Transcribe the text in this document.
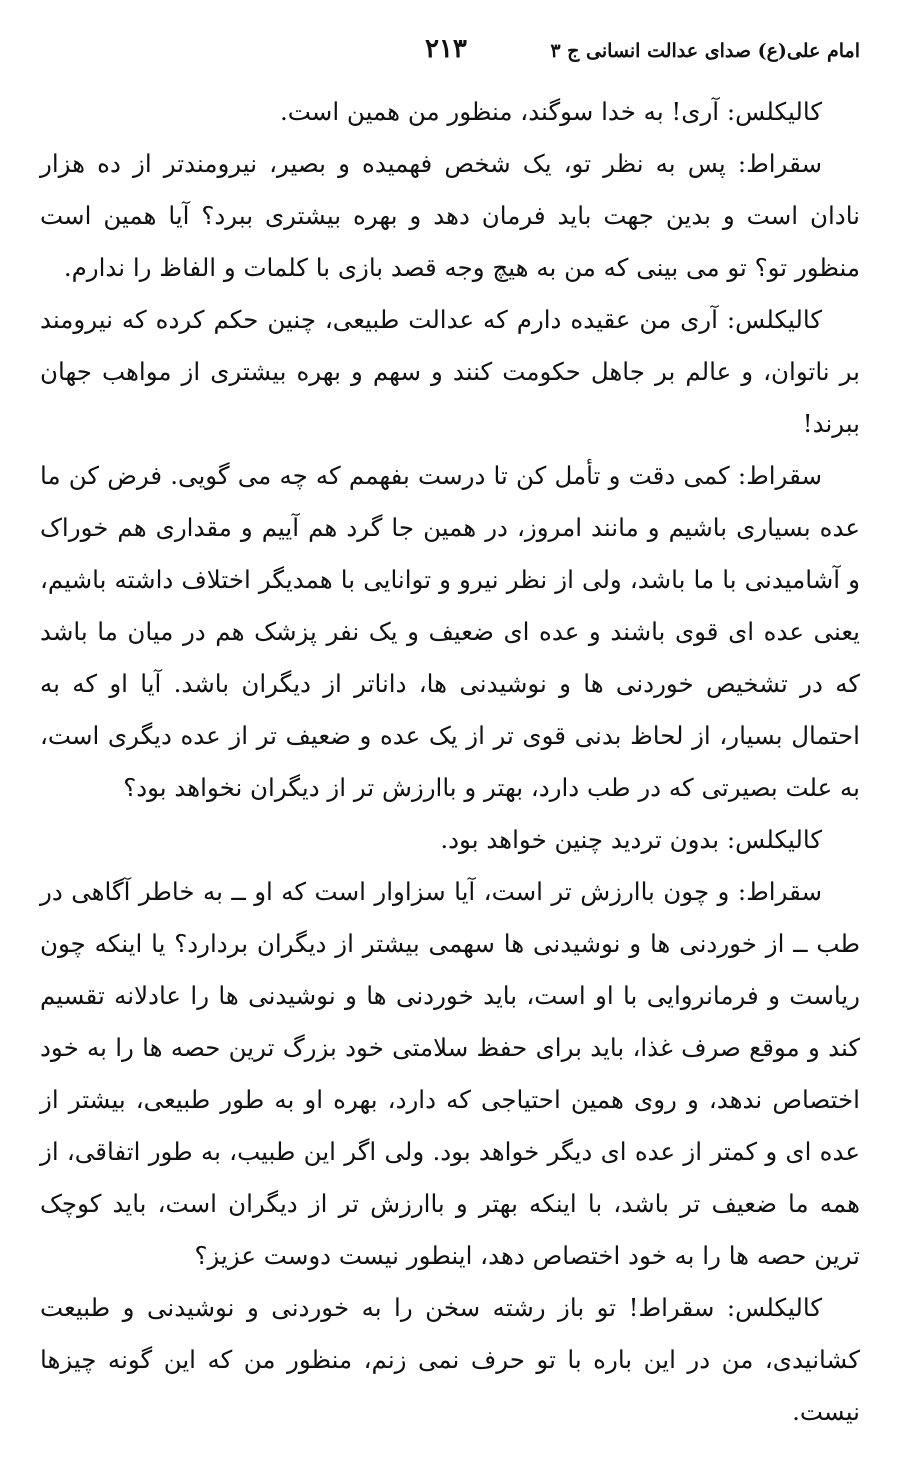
امام علی(ع) صدای عدالت انسانی ج ۳
۲۱۳

کالیکلس: آری! به خدا سوگند، منظور من همین است.

سقراط: پس به نظر تو، یک شخص فهمیده و بصیر، نیرومندتر از ده هزار نادان است و بدین جهت باید فرمان دهد و بهره بیشتری ببرد؟ آیا همین است منظور تو؟ تو می بینی که من به هیچ وجه قصد بازی با کلمات و الفاظ را ندارم.

کالیکلس: آری من عقیده دارم که عدالت طبیعی، چنین حکم کرده که نیرومند بر ناتوان، و عالم بر جاهل حکومت کنند و سهم و بهره بیشتری از مواهب جهان ببرند!

سقراط: کمی دقت و تأمل کن تا درست بفهمم که چه می گویی. فرض کن ما عده بسیاری باشیم و مانند امروز، در همین جا گرد هم آییم و مقداری هم خوراک و آشامیدنی با ما باشد، ولی از نظر نیرو و توانایی با همدیگر اختلاف داشته باشیم، یعنی عده ای قوی باشند و عده ای ضعیف و یک نفر پزشک هم در میان ما باشد که در تشخیص خوردنی ها و نوشیدنی ها، داناتر از دیگران باشد. آیا او که به احتمال بسیار، از لحاظ بدنی قوی تر از یک عده و ضعیف تر از عده دیگری است، به علت بصیرتی که در طب دارد، بهتر و باارزش تر از دیگران نخواهد بود؟

کالیکلس: بدون تردید چنین خواهد بود.

سقراط: و چون باارزش تر است، آیا سزاوار است که او ــ به خاطر آگاهی در طب ــ از خوردنی ها و نوشیدنی ها سهمی بیشتر از دیگران بردارد؟ یا اینکه چون ریاست و فرمانروایی با او است، باید خوردنی ها و نوشیدنی ها را عادلانه تقسیم کند و موقع صرف غذا، باید برای حفظ سلامتی خود بزرگ ترین حصه ها را به خود اختصاص ندهد، و روی همین احتیاجی که دارد، بهره او به طور طبیعی، بیشتر از عده ای و کمتر از عده ای دیگر خواهد بود. ولی اگر این طبیب، به طور اتفاقی، از همه ما ضعیف تر باشد، با اینکه بهتر و باارزش تر از دیگران است، باید کوچک ترین حصه ها را به خود اختصاص دهد، اینطور نیست دوست عزیز؟

کالیکلس: سقراط! تو باز رشته سخن را به خوردنی و نوشیدنی و طبیعت کشانیدی، من در این باره با تو حرف نمی زنم، منظور من که این گونه چیزها نیست.
